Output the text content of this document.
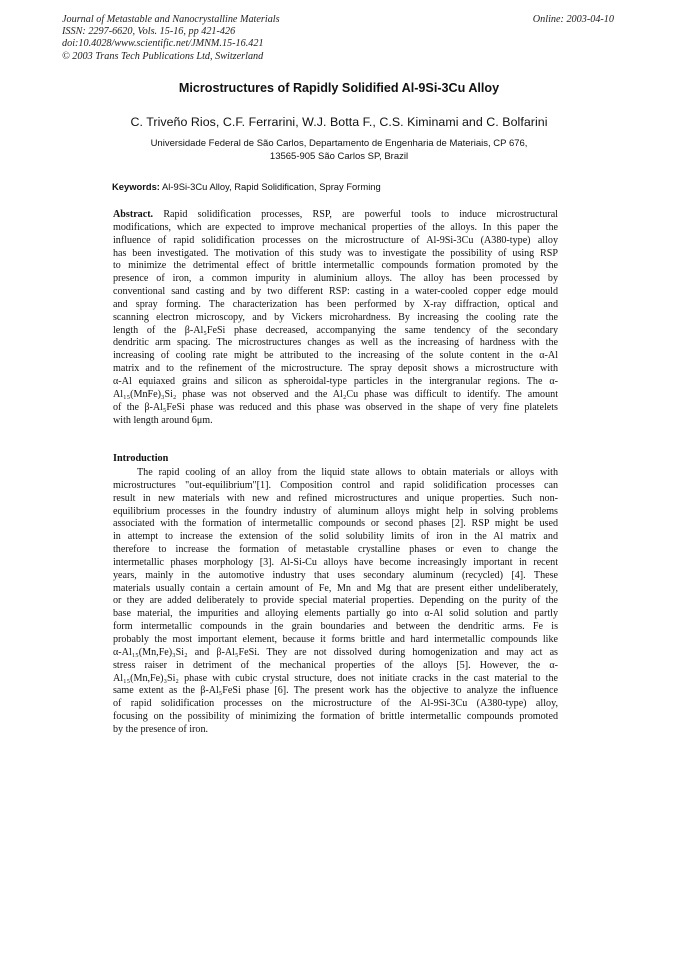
Journal of Metastable and Nanocrystalline Materials
ISSN: 2297-6620, Vols. 15-16, pp 421-426
doi:10.4028/www.scientific.net/JMNM.15-16.421
© 2003 Trans Tech Publications Ltd, Switzerland
Online: 2003-04-10
Microstructures of Rapidly Solidified Al-9Si-3Cu Alloy
C. Triveño Rios, C.F. Ferrarini, W.J. Botta F., C.S. Kiminami and C. Bolfarini
Universidade Federal de São Carlos, Departamento de Engenharia de Materiais, CP 676,
13565-905 São Carlos SP, Brazil
Keywords: Al-9Si-3Cu Alloy, Rapid Solidification, Spray Forming
Abstract. Rapid solidification processes, RSP, are powerful tools to induce microstructural
modifications, which are expected to improve mechanical properties of the alloys. In this paper the
influence of rapid solidification processes on the microstructure of Al-9Si-3Cu (A380-type) alloy
has been investigated. The motivation of this study was to investigate the possibility of using RSP
to minimize the detrimental effect of brittle intermetallic compounds formation promoted by the
presence of iron, a common impurity in aluminium alloys. The alloy has been processed by
conventional sand casting and by two different RSP: casting in a water-cooled copper edge mould
and spray forming. The characterization has been performed by X-ray diffraction, optical and
scanning electron microscopy, and by Vickers microhardness. By increasing the cooling rate the
length of the β-Al₅FeSi phase decreased, accompanying the same tendency of the secondary
dendritic arm spacing. The microstructures changes as well as the increasing of hardness with the
increasing of cooling rate might be attributed to the increasing of the solute content in the α-Al
matrix and to the refinement of the microstructure. The spray deposit shows a microstructure with
α-Al equiaxed grains and silicon as spheroidal-type particles in the intergranular regions. The α-
Al₁₅(MnFe)₃Si₂ phase was not observed and the Al₂Cu phase was difficult to identify. The amount
of the β-Al₅FeSi phase was reduced and this phase was observed in the shape of very fine platelets
with length around 6μm.
Introduction
The rapid cooling of an alloy from the liquid state allows to obtain materials or alloys with
microstructures "out-equilibrium"[1]. Composition control and rapid solidification processes can
result in new materials with new and refined microstructures and unique properties. Such non-
equilibrium processes in the foundry industry of aluminum alloys might help in solving problems
associated with the formation of intermetallic compounds or second phases [2]. RSP might be used
in attempt to increase the extension of the solid solubility limits of iron in the Al matrix and
therefore to increase the formation of metastable crystalline phases or even to change the
intermetallic phases morphology [3]. Al-Si-Cu alloys have become increasingly important in recent
years, mainly in the automotive industry that uses secondary aluminum (recycled) [4]. These
materials usually contain a certain amount of Fe, Mn and Mg that are present either undeliberately,
or they are added deliberately to provide special material properties. Depending on the purity of the
base material, the impurities and alloying elements partially go into α-Al solid solution and partly
form intermetallic compounds in the grain boundaries and between the dendritic arms. Fe is
probably the most important element, because it forms brittle and hard intermetallic compounds like
α-Al₁₅(Mn,Fe)₃Si₂ and β-Al₅FeSi. They are not dissolved during homogenization and may act as
stress raiser in detriment of the mechanical properties of the alloys [5]. However, the α-
Al₁₅(Mn,Fe)₃Si₂ phase with cubic crystal structure, does not initiate cracks in the cast material to the
same extent as the β-Al₅FeSi phase [6]. The present work has the objective to analyze the influence
of rapid solidification processes on the microstructure of the Al-9Si-3Cu (A380-type) alloy,
focusing on the possibility of minimizing the formation of brittle intermetallic compounds promoted
by the presence of iron.
